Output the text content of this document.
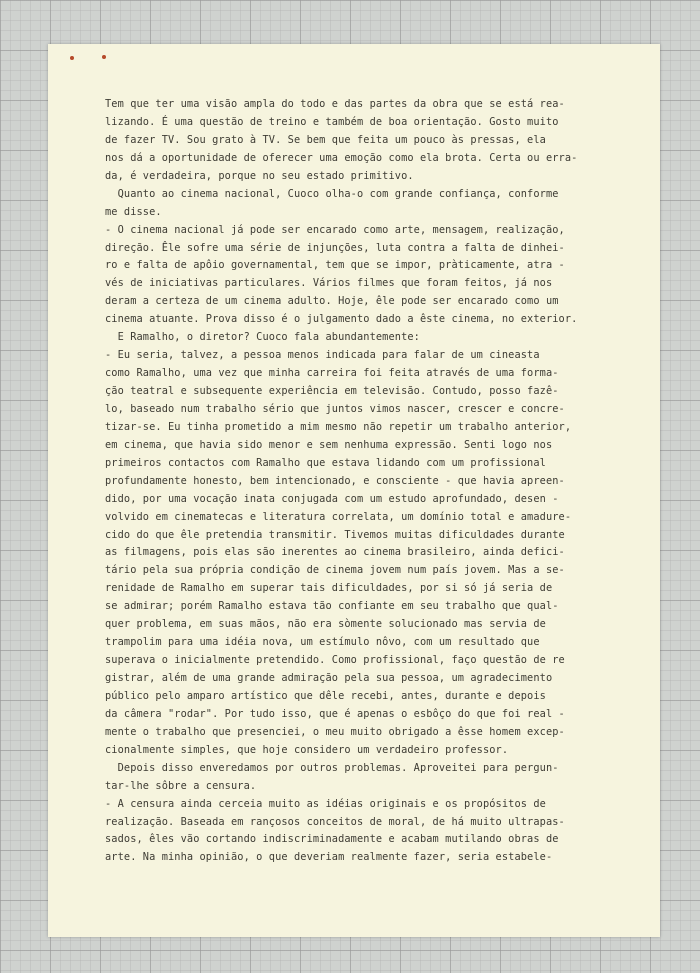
Tem que ter uma visão ampla do todo e das partes da obra que se está rea-
lizando. É uma questão de treino e também de boa orientação. Gosto muito
de fazer TV. Sou grato à TV. Se bem que feita um pouco às pressas, ela
nos dá a oportunidade de oferecer uma emoção como ela brota. Certa ou erra-
da, é verdadeira, porque no seu estado primitivo.
Quanto ao cinema nacional, Cuoco olha-o com grande confiança, conforme
me disse.
- O cinema nacional já pode ser encarado como arte, mensagem, realização,
direção. Êle sofre uma série de injunções, luta contra a falta de dinhei-
ro e falta de apôio governamental, tem que se impor, pràticamente, atra -
vés de iniciativas particulares. Vários filmes que foram feitos, já nos
deram a certeza de um cinema adulto. Hoje, êle pode ser encarado como um
cinema atuante. Prova disso é o julgamento dado a êste cinema, no exterior.
E Ramalho, o diretor? Cuoco fala abundantemente:
- Eu seria, talvez, a pessoa menos indicada para falar de um cineasta
como Ramalho, uma vez que minha carreira foi feita através de uma forma-
ção teatral e subsequente experiência em televisão. Contudo, posso fazê-
lo, baseado num trabalho sério que juntos vimos nascer, crescer e concre-
tizar-se. Eu tinha prometido a mim mesmo não repetir um trabalho anterior,
em cinema, que havia sido menor e sem nenhuma expressão. Senti logo nos
primeiros contactos com Ramalho que estava lidando com um profissional
profundamente honesto, bem intencionado, e consciente - que havia apreen-
dido, por uma vocação inata conjugada com um estudo aprofundado, desen -
volvido em cinematecas e literatura correlata, um domínio total e amadure-
cido do que êle pretendia transmitir. Tivemos muitas dificuldades durante
as filmagens, pois elas são inerentes ao cinema brasileiro, ainda defici-
tário pela sua própria condição de cinema jovem num país jovem. Mas a se-
renidade de Ramalho em superar tais dificuldades, por si só já seria de
se admirar; porém Ramalho estava tão confiante em seu trabalho que qual-
quer problema, em suas mãos, não era sòmente solucionado mas servia de
trampolim para uma idéia nova, um estímulo nôvo, com um resultado que
superava o inicialmente pretendido. Como profissional, faço questão de re
gistrar, além de uma grande admiração pela sua pessoa, um agradecimento
público pelo amparo artístico que dêle recebi, antes, durante e depois
da câmera "rodar". Por tudo isso, que é apenas o esbôço do que foi real -
mente o trabalho que presenciei, o meu muito obrigado a êsse homem excep-
cionalmente simples, que hoje considero um verdadeiro professor.
Depois disso enveredamos por outros problemas. Aproveitei para pergun-
tar-lhe sôbre a censura.
- A censura ainda cerceia muito as idéias originais e os propósitos de
realização. Baseada em rançosos conceitos de moral, de há muito ultrapas-
sados, êles vão cortando indiscriminadamente e acabam mutilando obras de
arte. Na minha opinião, o que deveriam realmente fazer, seria estabele-
